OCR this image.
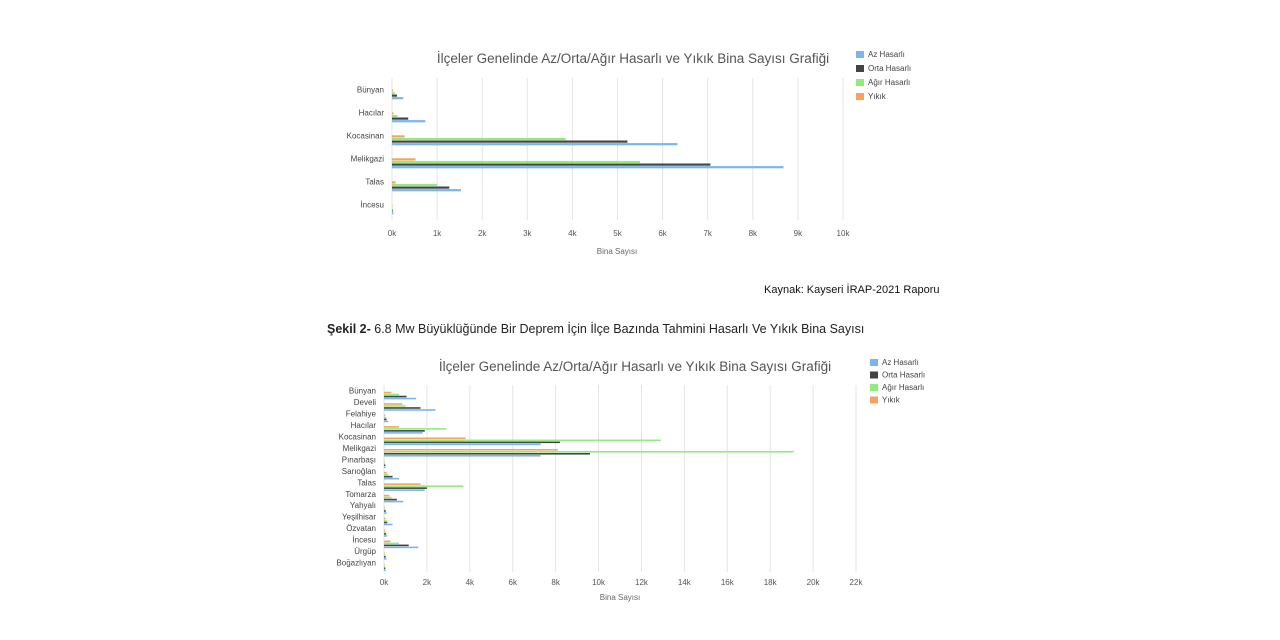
İlçeler Genelinde Az/Orta/Ağır Hasarlı ve Yıkık Bina Sayısı Grafiği
Bünyan
Hacılar
Kocasinan
Melikgazi
Talas
İncesu
0k	1k	2k	3k	4k	5k	6k	7k	8k	9k	10k
Bina Sayısı
Az Hasarlı
Orta Hasarlı
Ağır Hasarlı
Yıkık
Kaynak: Kayseri İRAP-2021 Raporu
Şekil 2- 6.8 Mw Büyüklüğünde Bir Deprem İçin İlçe Bazında Tahmini Hasarlı Ve Yıkık Bina Sayısı
İlçeler Genelinde Az/Orta/Ağır Hasarlı ve Yıkık Bina Sayısı Grafiği
Bünyan
Develi
Felahiye
Hacılar
Kocasinan
Melikgazi
Pınarbaşı
Sarıoğlan
Talas
Tomarza
Yahyalı
Yeşilhisar
Özvatan
İncesu
Ürgüp
Boğazlıyan
0k	2k	4k	6k	8k	10k	12k	14k	16k	18k	20k	22k
Bina Sayısı
Az Hasarlı
Orta Hasarlı
Ağır Hasarlı
Yıkık
